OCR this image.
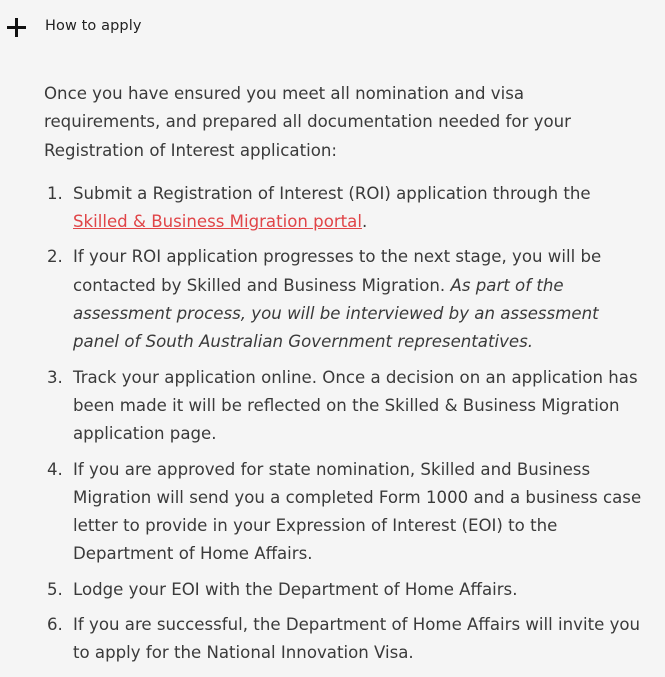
How to apply

Once you have ensured you meet all nomination and visa requirements, and prepared all documentation needed for your Registration of Interest application:

1. Submit a Registration of Interest (ROI) application through the Skilled & Business Migration portal.
2. If your ROI application progresses to the next stage, you will be contacted by Skilled and Business Migration. As part of the assessment process, you will be interviewed by an assessment panel of South Australian Government representatives.
3. Track your application online. Once a decision on an application has been made it will be reflected on the Skilled & Business Migration application page.
4. If you are approved for state nomination, Skilled and Business Migration will send you a completed Form 1000 and a business case letter to provide in your Expression of Interest (EOI) to the Department of Home Affairs.
5. Lodge your EOI with the Department of Home Affairs.
6. If you are successful, the Department of Home Affairs will invite you to apply for the National Innovation Visa.
